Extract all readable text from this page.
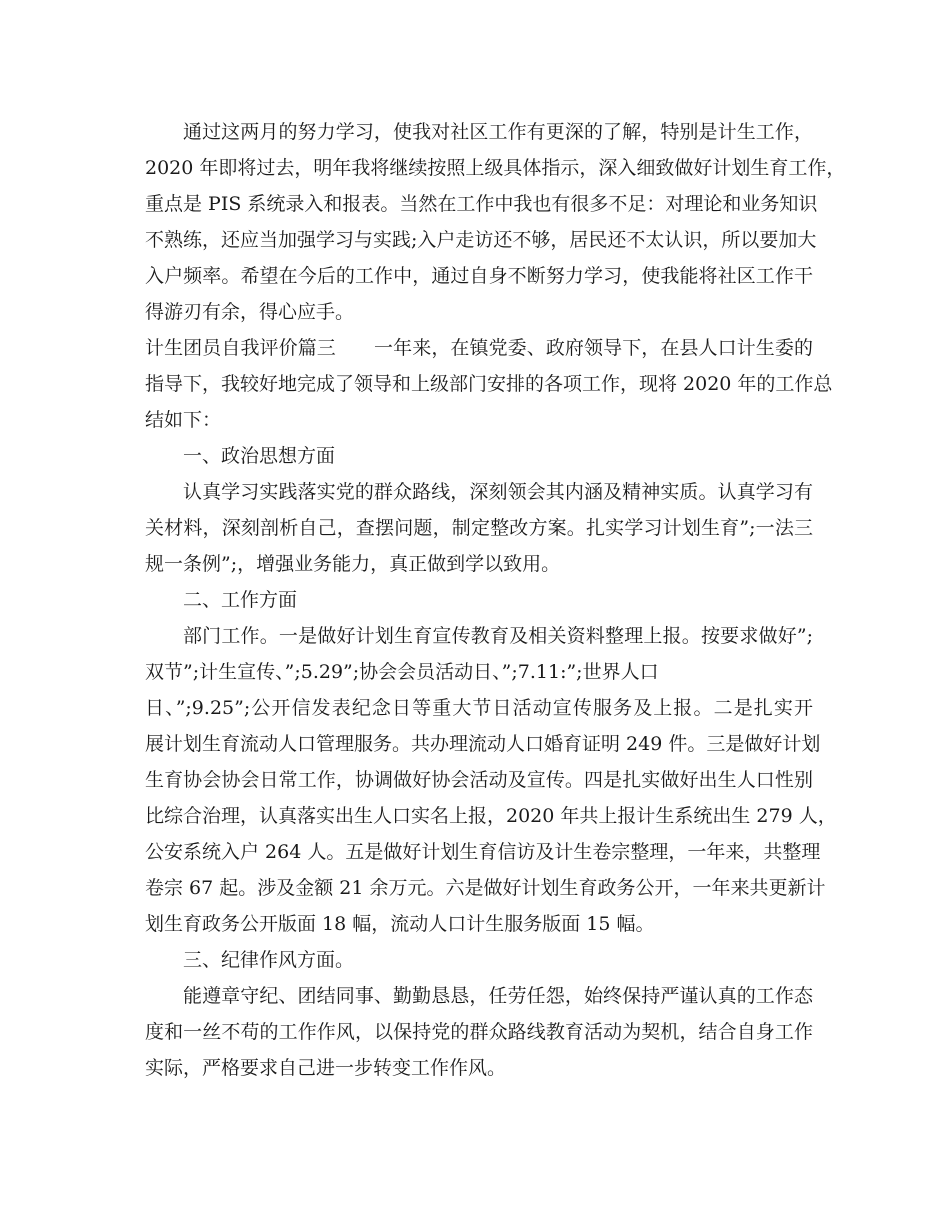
通过这两月的努力学习，使我对社区工作有更深的了解，特别是计生工作，
2020 年即将过去，明年我将继续按照上级具体指示，深入细致做好计划生育工作，
重点是 PIS 系统录入和报表。当然在工作中我也有很多不足：对理论和业务知识
不熟练，还应当加强学习与实践;入户走访还不够，居民还不太认识，所以要加大
入户频率。希望在今后的工作中，通过自身不断努力学习，使我能将社区工作干
得游刃有余，得心应手。
计生团员自我评价篇三　　一年来，在镇党委、政府领导下，在县人口计生委的
指导下，我较好地完成了领导和上级部门安排的各项工作，现将 2020 年的工作总
结如下：
一、政治思想方面
认真学习实践落实党的群众路线，深刻领会其内涵及精神实质。认真学习有
关材料，深刻剖析自己，查摆问题，制定整改方案。扎实学习计划生育”;一法三
规一条例”;，增强业务能力，真正做到学以致用。
二、工作方面
部门工作。一是做好计划生育宣传教育及相关资料整理上报。按要求做好”;
双节”;计生宣传、”;5.29”;协会会员活动日、”;7.11:”;世界人口
日、”;9.25”;公开信发表纪念日等重大节日活动宣传服务及上报。二是扎实开
展计划生育流动人口管理服务。共办理流动人口婚育证明 249 件。三是做好计划
生育协会协会日常工作，协调做好协会活动及宣传。四是扎实做好出生人口性别
比综合治理，认真落实出生人口实名上报，2020 年共上报计生系统出生 279 人，
公安系统入户 264 人。五是做好计划生育信访及计生卷宗整理，一年来，共整理
卷宗 67 起。涉及金额 21 余万元。六是做好计划生育政务公开，一年来共更新计
划生育政务公开版面 18 幅，流动人口计生服务版面 15 幅。
三、纪律作风方面。
能遵章守纪、团结同事、勤勤恳恳，任劳任怨，始终保持严谨认真的工作态
度和一丝不苟的工作作风，以保持党的群众路线教育活动为契机，结合自身工作
实际，严格要求自己进一步转变工作作风。
